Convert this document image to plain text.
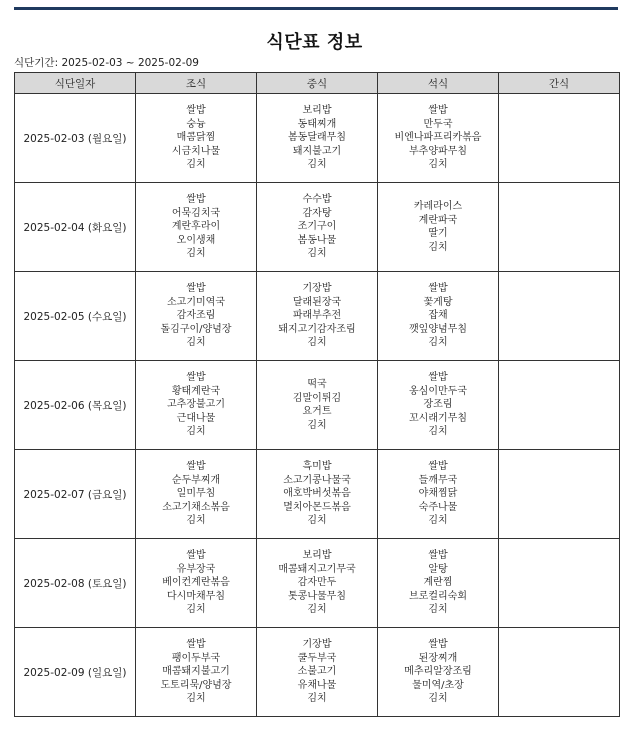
식단표 정보
식단기간: 2025-02-03 ~ 2025-02-09
식단일자	조식	중식	석식	간식
2025-02-03 (월요일)	쌀밥
숭늉
매콤닭찜
시금치나물
김치	보리밥
동태찌개
봄동달래무침
돼지불고기
김치	쌀밥
만두국
비엔나파프리카볶음
부추양파무침
김치	

2025-02-04 (화요일)	쌀밥
어묵김치국
계란후라이
오이생채
김치	수수밥
감자탕
조기구이
봄동나물
김치	카레라이스
계란파국
딸기
김치	

2025-02-05 (수요일)	쌀밥
소고기미역국
감자조림
돌김구이/양념장
김치	기장밥
달래된장국
파래부추전
돼지고기감자조림
김치	쌀밥
꽃게탕
잡채
깻잎양념무침
김치	

2025-02-06 (목요일)	쌀밥
황태계란국
고추장불고기
근대나물
김치	떡국
김말이튀김
요거트
김치	쌀밥
옹심이만두국
장조림
꼬시래기무침
김치	

2025-02-07 (금요일)	쌀밥
순두부찌개
일미무침
소고기채소볶음
김치	흑미밥
소고기콩나물국
애호박버섯볶음
멸치아몬드볶음
김치	쌀밥
들깨무국
야채찜닭
숙주나물
김치	

2025-02-08 (토요일)	쌀밥
유부장국
베이컨계란볶음
다시마채무침
김치	보리밥
매콤돼지고기무국
감자만두
톳콩나물무침
김치	쌀밥
알탕
계란찜
브로컬리숙회
김치	

2025-02-09 (일요일)	쌀밥
팽이두부국
매콤돼지불고기
도토리묵/양념장
김치	기장밥
쿨두부국
소불고기
유채나물
김치	쌀밥
된장찌개
메추리알장조림
물미역/초장
김치	
